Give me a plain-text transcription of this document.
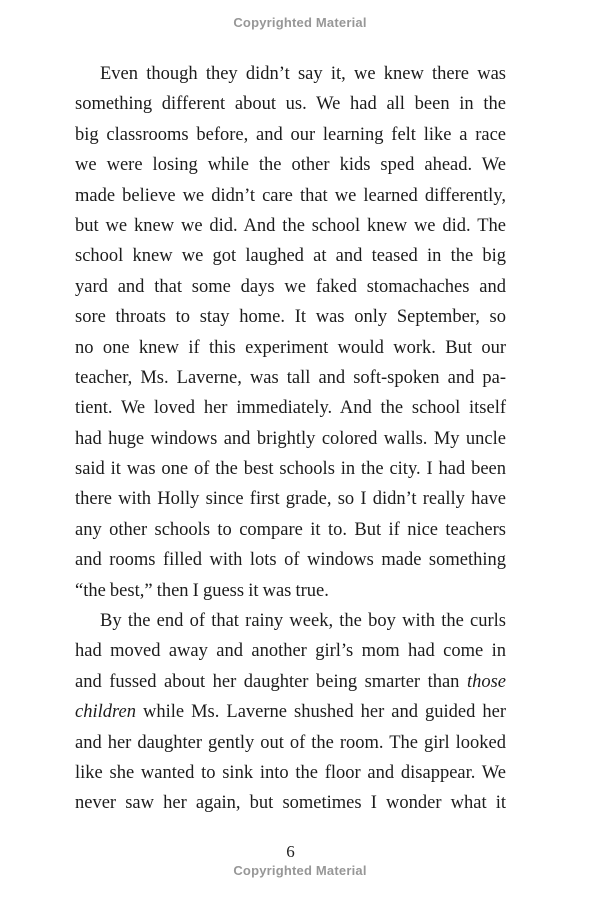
Copyrighted Material
Even though they didn’t say it, we knew there was
something different about us. We had all been in the
big classrooms before, and our learning felt like a race
we were losing while the other kids sped ahead. We
made believe we didn’t care that we learned differently,
but we knew we did. And the school knew we did. The
school knew we got laughed at and teased in the big
yard and that some days we faked stomachaches and
sore throats to stay home. It was only September, so
no one knew if this experiment would work. But our
teacher, Ms. Laverne, was tall and soft-spoken and pa-
tient. We loved her immediately. And the school itself
had huge windows and brightly colored walls. My uncle
said it was one of the best schools in the city. I had been
there with Holly since first grade, so I didn’t really have
any other schools to compare it to. But if nice teachers
and rooms filled with lots of windows made something
“the best,” then I guess it was true.
By the end of that rainy week, the boy with the curls
had moved away and another girl’s mom had come in
and fussed about her daughter being smarter than those
children while Ms. Laverne shushed her and guided her
and her daughter gently out of the room. The girl looked
like she wanted to sink into the floor and disappear. We
never saw her again, but sometimes I wonder what it
6
Copyrighted Material
